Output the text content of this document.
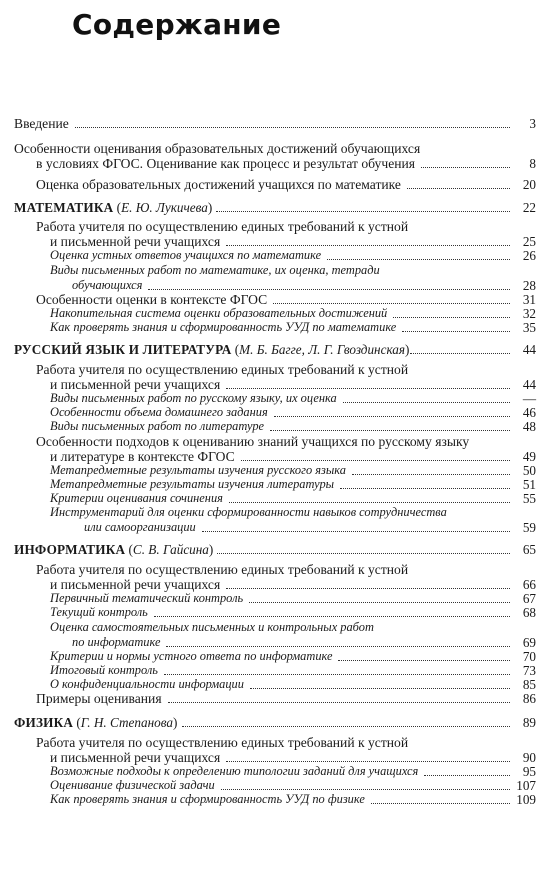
Содержание
Введение	3
Особенности оценивания образовательных достижений обучающихся
в условиях ФГОС. Оценивание как процесс и результат обучения	8
Оценка образовательных достижений учащихся по математике	20
МАТЕМАТИКА (Е. Ю. Лукичева)	22
Работа учителя по осуществлению единых требований к устной
и письменной речи учащихся	25
Оценка устных ответов учащихся по математике	26
Виды письменных работ по математике, их оценка, тетради
обучающихся	28
Особенности оценки в контексте ФГОС	31
Накопительная система оценки образовательных достижений	32
Как проверять знания и сформированность УУД по математике	35
РУССКИЙ ЯЗЫК И ЛИТЕРАТУРА (М. Б. Багге, Л. Г. Гвоздинская)	44
Работа учителя по осуществлению единых требований к устной
и письменной речи учащихся	44
Виды письменных работ по русскому языку, их оценка	—
Особенности объема домашнего задания	46
Виды письменных работ по литературе	48
Особенности подходов к оцениванию знаний учащихся по русскому языку
и литературе в контексте ФГОС	49
Метапредметные результаты изучения русского языка	50
Метапредметные результаты изучения литературы	51
Критерии оценивания сочинения	55
Инструментарий для оценки сформированности навыков сотрудничества
или самоорганизации	59
ИНФОРМАТИКА (С. В. Гайсина)	65
Работа учителя по осуществлению единых требований к устной
и письменной речи учащихся	66
Первичный тематический контроль	67
Текущий контроль	68
Оценка самостоятельных письменных и контрольных работ
по информатике	69
Критерии и нормы устного ответа по информатике	70
Итоговый контроль	73
О конфиденциальности информации	85
Примеры оценивания	86
ФИЗИКА (Г. Н. Степанова)	89
Работа учителя по осуществлению единых требований к устной
и письменной речи учащихся	90
Возможные подходы к определению типологии заданий для учащихся	95
Оценивание физической задачи	107
Как проверять знания и сформированность УУД по физике	109
